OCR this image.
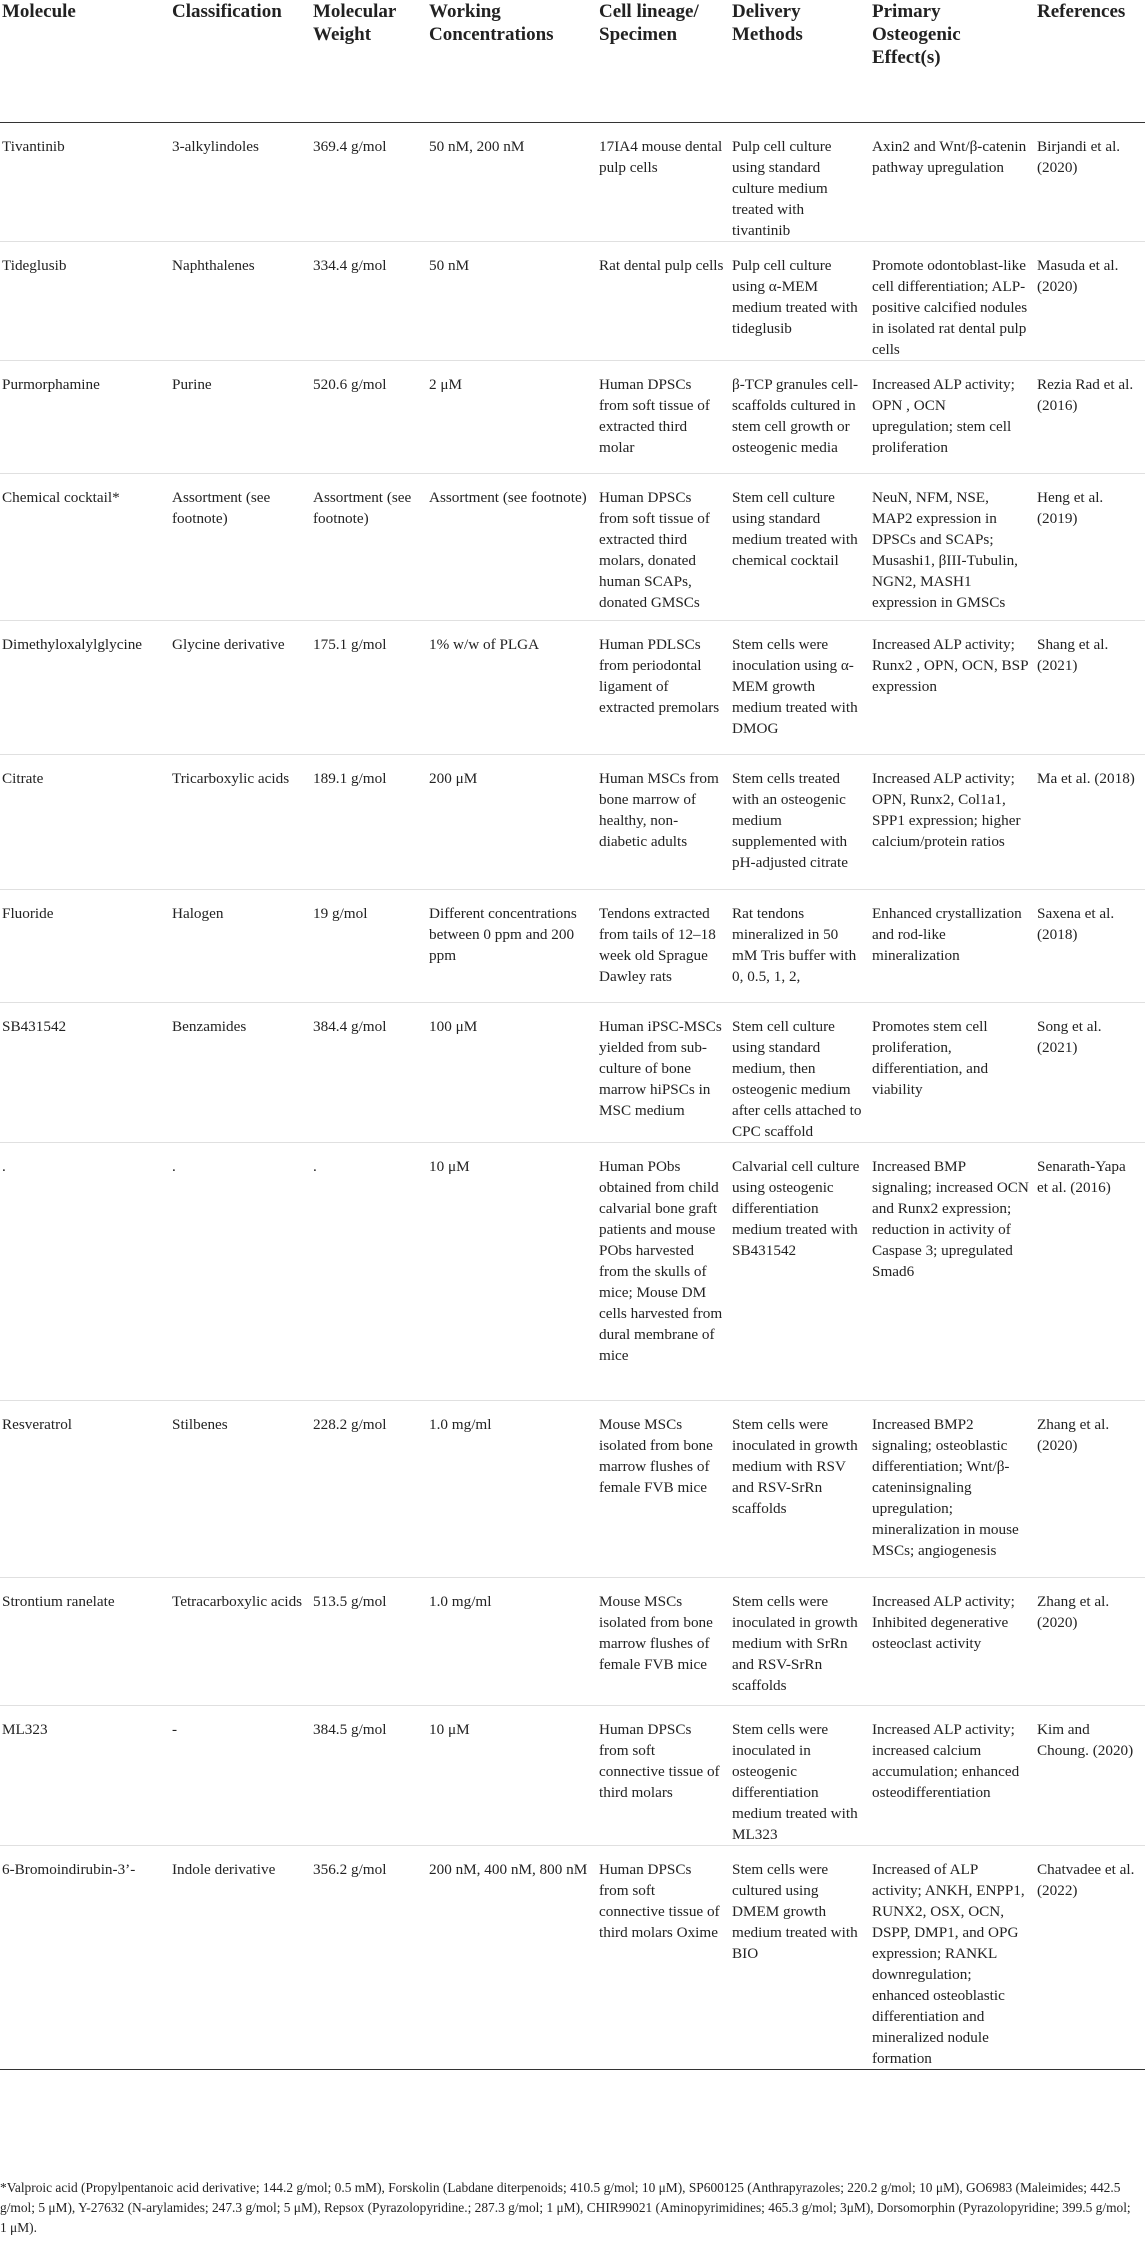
Molecule	Classification	Molecular Weight	Working Concentrations	Cell lineage/ Specimen	Delivery Methods	Primary Osteogenic Effect(s)	References
Tivantinib	3-alkylindoles	369.4 g/mol	50 nM, 200 nM	17IA4 mouse dental pulp cells	Pulp cell culture using standard culture medium treated with tivantinib	Axin2 and Wnt/β-catenin pathway upregulation	Birjandi et al. (2020)
Tideglusib	Naphthalenes	334.4 g/mol	50 nM	Rat dental pulp cells	Pulp cell culture using α-MEM medium treated with tideglusib	Promote odontoblast-like cell differentiation; ALP-positive calcified nodules in isolated rat dental pulp cells	Masuda et al. (2020)
Purmorphamine	Purine	520.6 g/mol	2 μM	Human DPSCs from soft tissue of extracted third molar	β-TCP granules cell-scaffolds cultured in stem cell growth or osteogenic media	Increased ALP activity; OPN , OCN upregulation; stem cell proliferation	Rezia Rad et al. (2016)
Chemical cocktail*	Assortment (see footnote)	Assortment (see footnote)	Assortment (see footnote)	Human DPSCs from soft tissue of extracted third molars, donated human SCAPs, donated GMSCs	Stem cell culture using standard medium treated with chemical cocktail	NeuN, NFM, NSE, MAP2 expression in DPSCs and SCAPs; Musashi1, βIII-Tubulin, NGN2, MASH1 expression in GMSCs	Heng et al. (2019)
Dimethyloxalylglycine	Glycine derivative	175.1 g/mol	1% w/w of PLGA	Human PDLSCs from periodontal ligament of extracted premolars	Stem cells were inoculation using α-MEM growth medium treated with DMOG	Increased ALP activity; Runx2 , OPN, OCN, BSP expression	Shang et al. (2021)
Citrate	Tricarboxylic acids	189.1 g/mol	200 μM	Human MSCs from bone marrow of healthy, non-diabetic adults	Stem cells treated with an osteogenic medium supplemented with pH-adjusted citrate	Increased ALP activity; OPN, Runx2, Col1a1, SPP1 expression; higher calcium/protein ratios	Ma et al. (2018)
Fluoride	Halogen	19 g/mol	Different concentrations between 0 ppm and 200 ppm	Tendons extracted from tails of 12–18 week old Sprague Dawley rats	Rat tendons mineralized in 50 mM Tris buffer with 0, 0.5, 1, 2,	Enhanced crystallization and rod-like mineralization	Saxena et al. (2018)
SB431542	Benzamides	384.4 g/mol	100 μM	Human iPSC-MSCs yielded from sub-culture of bone marrow hiPSCs in MSC medium	Stem cell culture using standard medium, then osteogenic medium after cells attached to CPC scaffold	Promotes stem cell proliferation, differentiation, and viability	Song et al. (2021)
.	.	.	10 μM	Human PObs obtained from child calvarial bone graft patients and mouse PObs harvested from the skulls of mice; Mouse DM cells harvested from dural membrane of mice	Calvarial cell culture using osteogenic differentiation medium treated with SB431542	Increased BMP signaling; increased OCN and Runx2 expression; reduction in activity of Caspase 3; upregulated Smad6	Senarath-Yapa et al. (2016)
Resveratrol	Stilbenes	228.2 g/mol	1.0 mg/ml	Mouse MSCs isolated from bone marrow flushes of female FVB mice	Stem cells were inoculated in growth medium with RSV and RSV-SrRn scaffolds	Increased BMP2 signaling; osteoblastic differentiation; Wnt/β-cateninsignaling upregulation; mineralization in mouse MSCs; angiogenesis	Zhang et al. (2020)
Strontium ranelate	Tetracarboxylic acids	513.5 g/mol	1.0 mg/ml	Mouse MSCs isolated from bone marrow flushes of female FVB mice	Stem cells were inoculated in growth medium with SrRn and RSV-SrRn scaffolds	Increased ALP activity; Inhibited degenerative osteoclast activity	Zhang et al. (2020)
ML323	-	384.5 g/mol	10 μM	Human DPSCs from soft connective tissue of third molars	Stem cells were inoculated in osteogenic differentiation medium treated with ML323	Increased ALP activity; increased calcium accumulation; enhanced osteodifferentiation	Kim and Choung. (2020)
6-Bromoindirubin-3’-	Indole derivative	356.2 g/mol	200 nM, 400 nM, 800 nM	Human DPSCs from soft connective tissue of third molars Oxime	Stem cells were cultured using DMEM growth medium treated with BIO	Increased of ALP activity; ANKH, ENPP1, RUNX2, OSX, OCN, DSPP, DMP1, and OPG expression; RANKL downregulation; enhanced osteoblastic differentiation and mineralized nodule formation	Chatvadee et al. (2022)
*Valproic acid (Propylpentanoic acid derivative; 144.2 g/mol; 0.5 mM), Forskolin (Labdane diterpenoids; 410.5 g/mol; 10 μM), SP600125 (Anthrapyrazoles; 220.2 g/mol; 10 μM), GO6983 (Maleimides; 442.5 g/mol; 5 μM), Y-27632 (N-arylamides; 247.3 g/mol; 5 μM), Repsox (Pyrazolopyridine.; 287.3 g/mol; 1 μM), CHIR99021 (Aminopyrimidines; 465.3 g/mol; 3μM), Dorsomorphin (Pyrazolopyridine; 399.5 g/mol; 1 μM).
